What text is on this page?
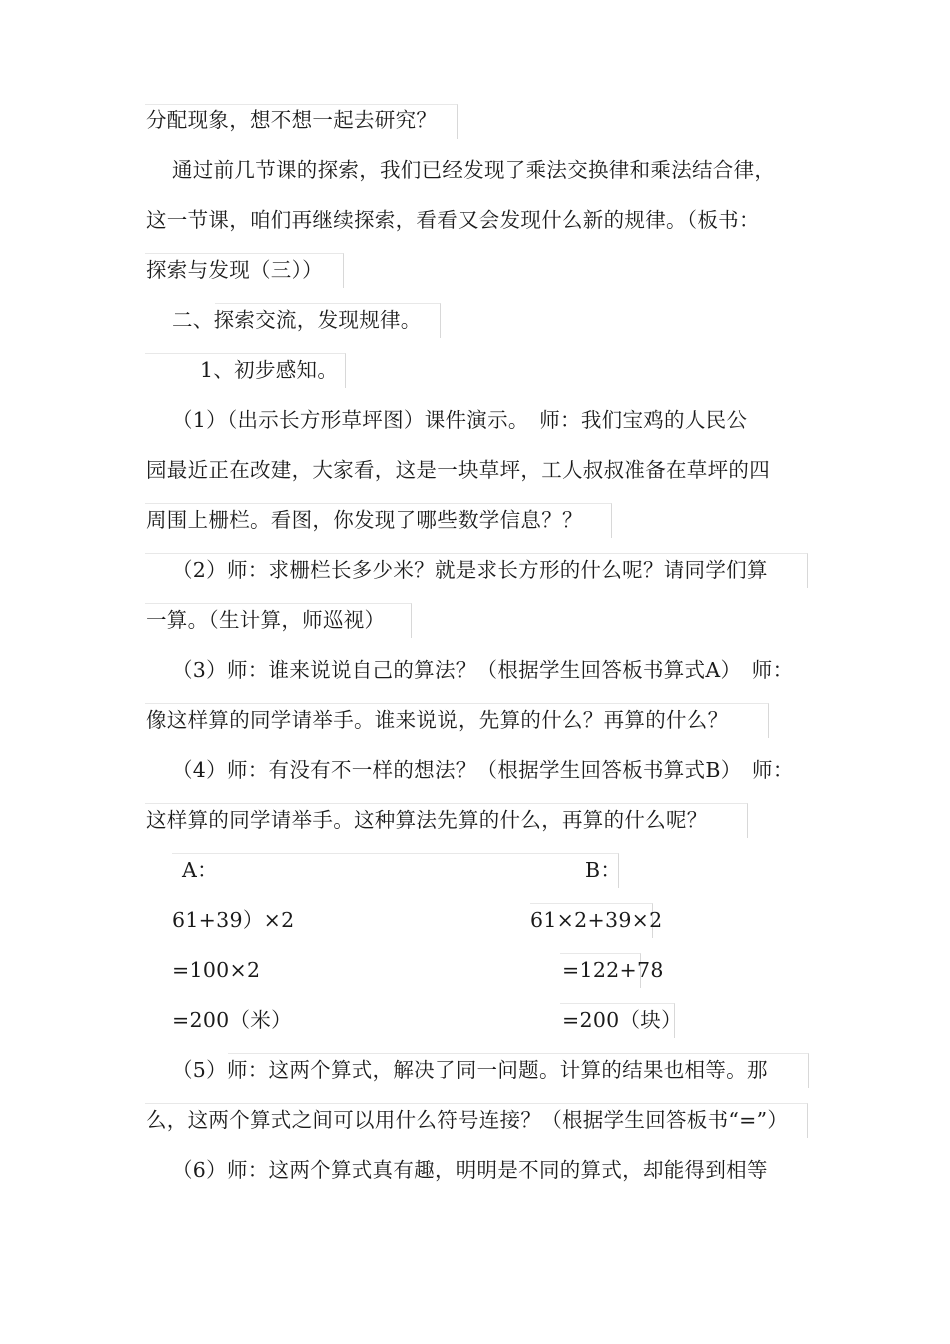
分配现象，想不想一起去研究？
通过前几节课的探索，我们已经发现了乘法交换律和乘法结合律，
这一节课，咱们再继续探索，看看又会发现什么新的规律。（板书：
探索与发现（三））
二、探索交流，发现规律。
1、初步感知。
（1）（出示长方形草坪图）课件演示。　师：我们宝鸡的人民公
园最近正在改建，大家看，这是一块草坪，工人叔叔准备在草坪的四
周围上栅栏。看图，你发现了哪些数学信息？？
（2）师：求栅栏长多少米？就是求长方形的什么呢？请同学们算
一算。（生计算，师巡视）
（3）师：谁来说说自己的算法？（根据学生回答板书算式A）　师：
像这样算的同学请举手。谁来说说，先算的什么？再算的什么？
（4）师：有没有不一样的想法？（根据学生回答板书算式B）　师：
这样算的同学请举手。这种算法先算的什么，再算的什么呢？
A：	B：
61+39）×2	61×2+39×2
=100×2	=122+78
=200（米）	=200（块）
（5）师：这两个算式，解决了同一问题。计算的结果也相等。那
么，这两个算式之间可以用什么符号连接？（根据学生回答板书“=”）
（6）师：这两个算式真有趣，明明是不同的算式，却能得到相等
